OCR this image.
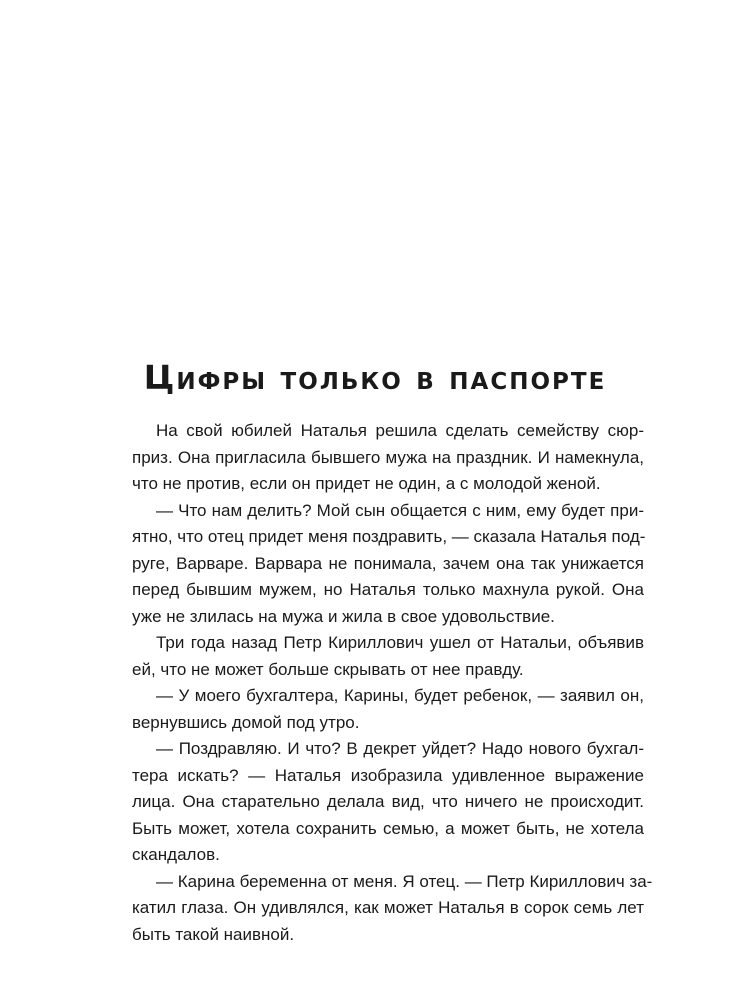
Цифры только в паспорте
На свой юбилей Наталья решила сделать семейству сюр-
приз. Она пригласила бывшего мужа на праздник. И намекнула,
что не против, если он придет не один, а с молодой женой.
— Что нам делить? Мой сын общается с ним, ему будет при-
ятно, что отец придет меня поздравить, — сказала Наталья под-
руге, Варваре. Варвара не понимала, зачем она так унижается
перед бывшим мужем, но Наталья только махнула рукой. Она
уже не злилась на мужа и жила в свое удовольствие.
Три года назад Петр Кириллович ушел от Натальи, объявив
ей, что не может больше скрывать от нее правду.
— У моего бухгалтера, Карины, будет ребенок, — заявил он,
вернувшись домой под утро.
— Поздравляю. И что? В декрет уйдет? Надо нового бухгал-
тера искать? — Наталья изобразила удивленное выражение
лица. Она старательно делала вид, что ничего не происходит.
Быть может, хотела сохранить семью, а может быть, не хотела
скандалов.
— Карина беременна от меня. Я отец. — Петр Кириллович за-
катил глаза. Он удивлялся, как может Наталья в сорок семь лет
быть такой наивной.
